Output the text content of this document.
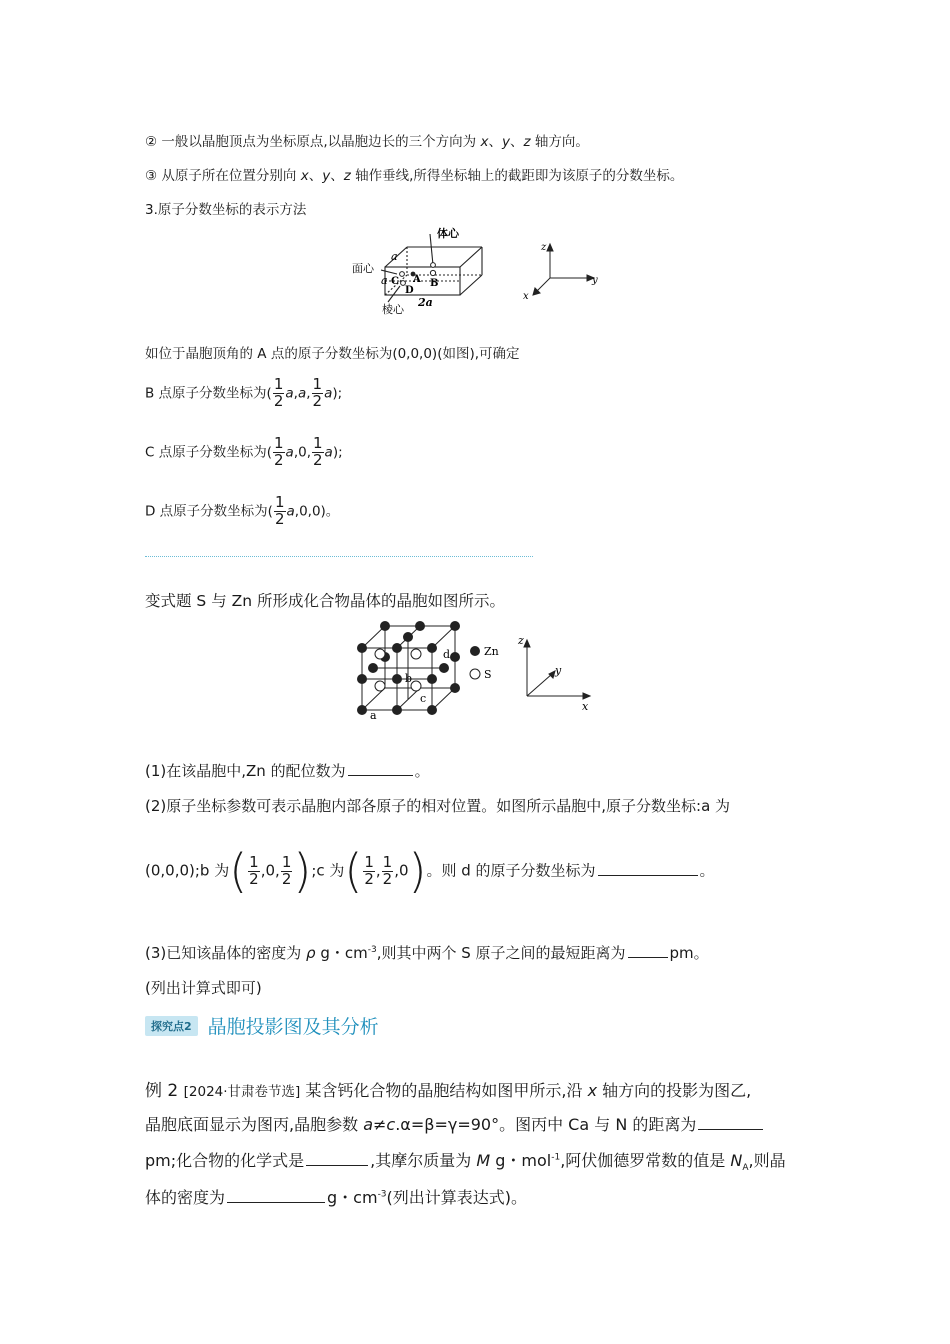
② 一般以晶胞顶点为坐标原点,以晶胞边长的三个方向为 x、y、z 轴方向。
③ 从原子所在位置分别向 x、y、z 轴作垂线,所得坐标轴上的截距即为该原子的分数坐标。
3.原子分数坐标的表示方法
体心
面心
棱心
a
a
2a
A B
C
D
z
y
x
如位于晶胞顶角的 A 点的原子分数坐标为(0,0,0)(如图),可确定
B 点原子分数坐标为( $\frac{1}{2} a,a$, $\frac{1}{2} a$);
C 点原子分数坐标为( $\frac{1}{2} a,0$, $\frac{1}{2} a$);
D 点原子分数坐标为( $\frac{1}{2} a,0,0$)。
变式题 S 与 Zn 所形成化合物晶体的晶胞如图所示。
a
b
c
d	Zn
S
z
y
x
(1)在该晶胞中,Zn 的配位数为	。
(2)原子坐标参数可表示晶胞内部各原子的相对位置。如图所示晶胞中,原子分数坐标:a 为
(0,0,0);b 为( $\frac{1}{2} ,0$, $\frac{1}{2}$ );c 为( $\frac{1}{2}$ , $\frac{1}{2} ,0$)。则 d 的原子分数坐标为	。
(3)已知该晶体的密度为 ρ g・$cm^{-3}$,则其中两个 S 原子之间的最短距离为	pm。
(列出计算式即可)
探究点2 晶胞投影图及其分析
例 2 [2024·甘肃卷节选] 某含钙化合物的晶胞结构如图甲所示,沿 x 轴方向的投影为图乙,
晶胞底面显示为图丙,晶胞参数 a≠c.α=β=γ=90°。图丙中 Ca 与 N 的距离为
pm;化合物的化学式是	,其摩尔质量为 M g・mol$^{-1}$,阿伏伽德罗常数的值是 $N_A$,则晶
体的密度为	g・$cm^{-3}$(列出计算表达式)。
